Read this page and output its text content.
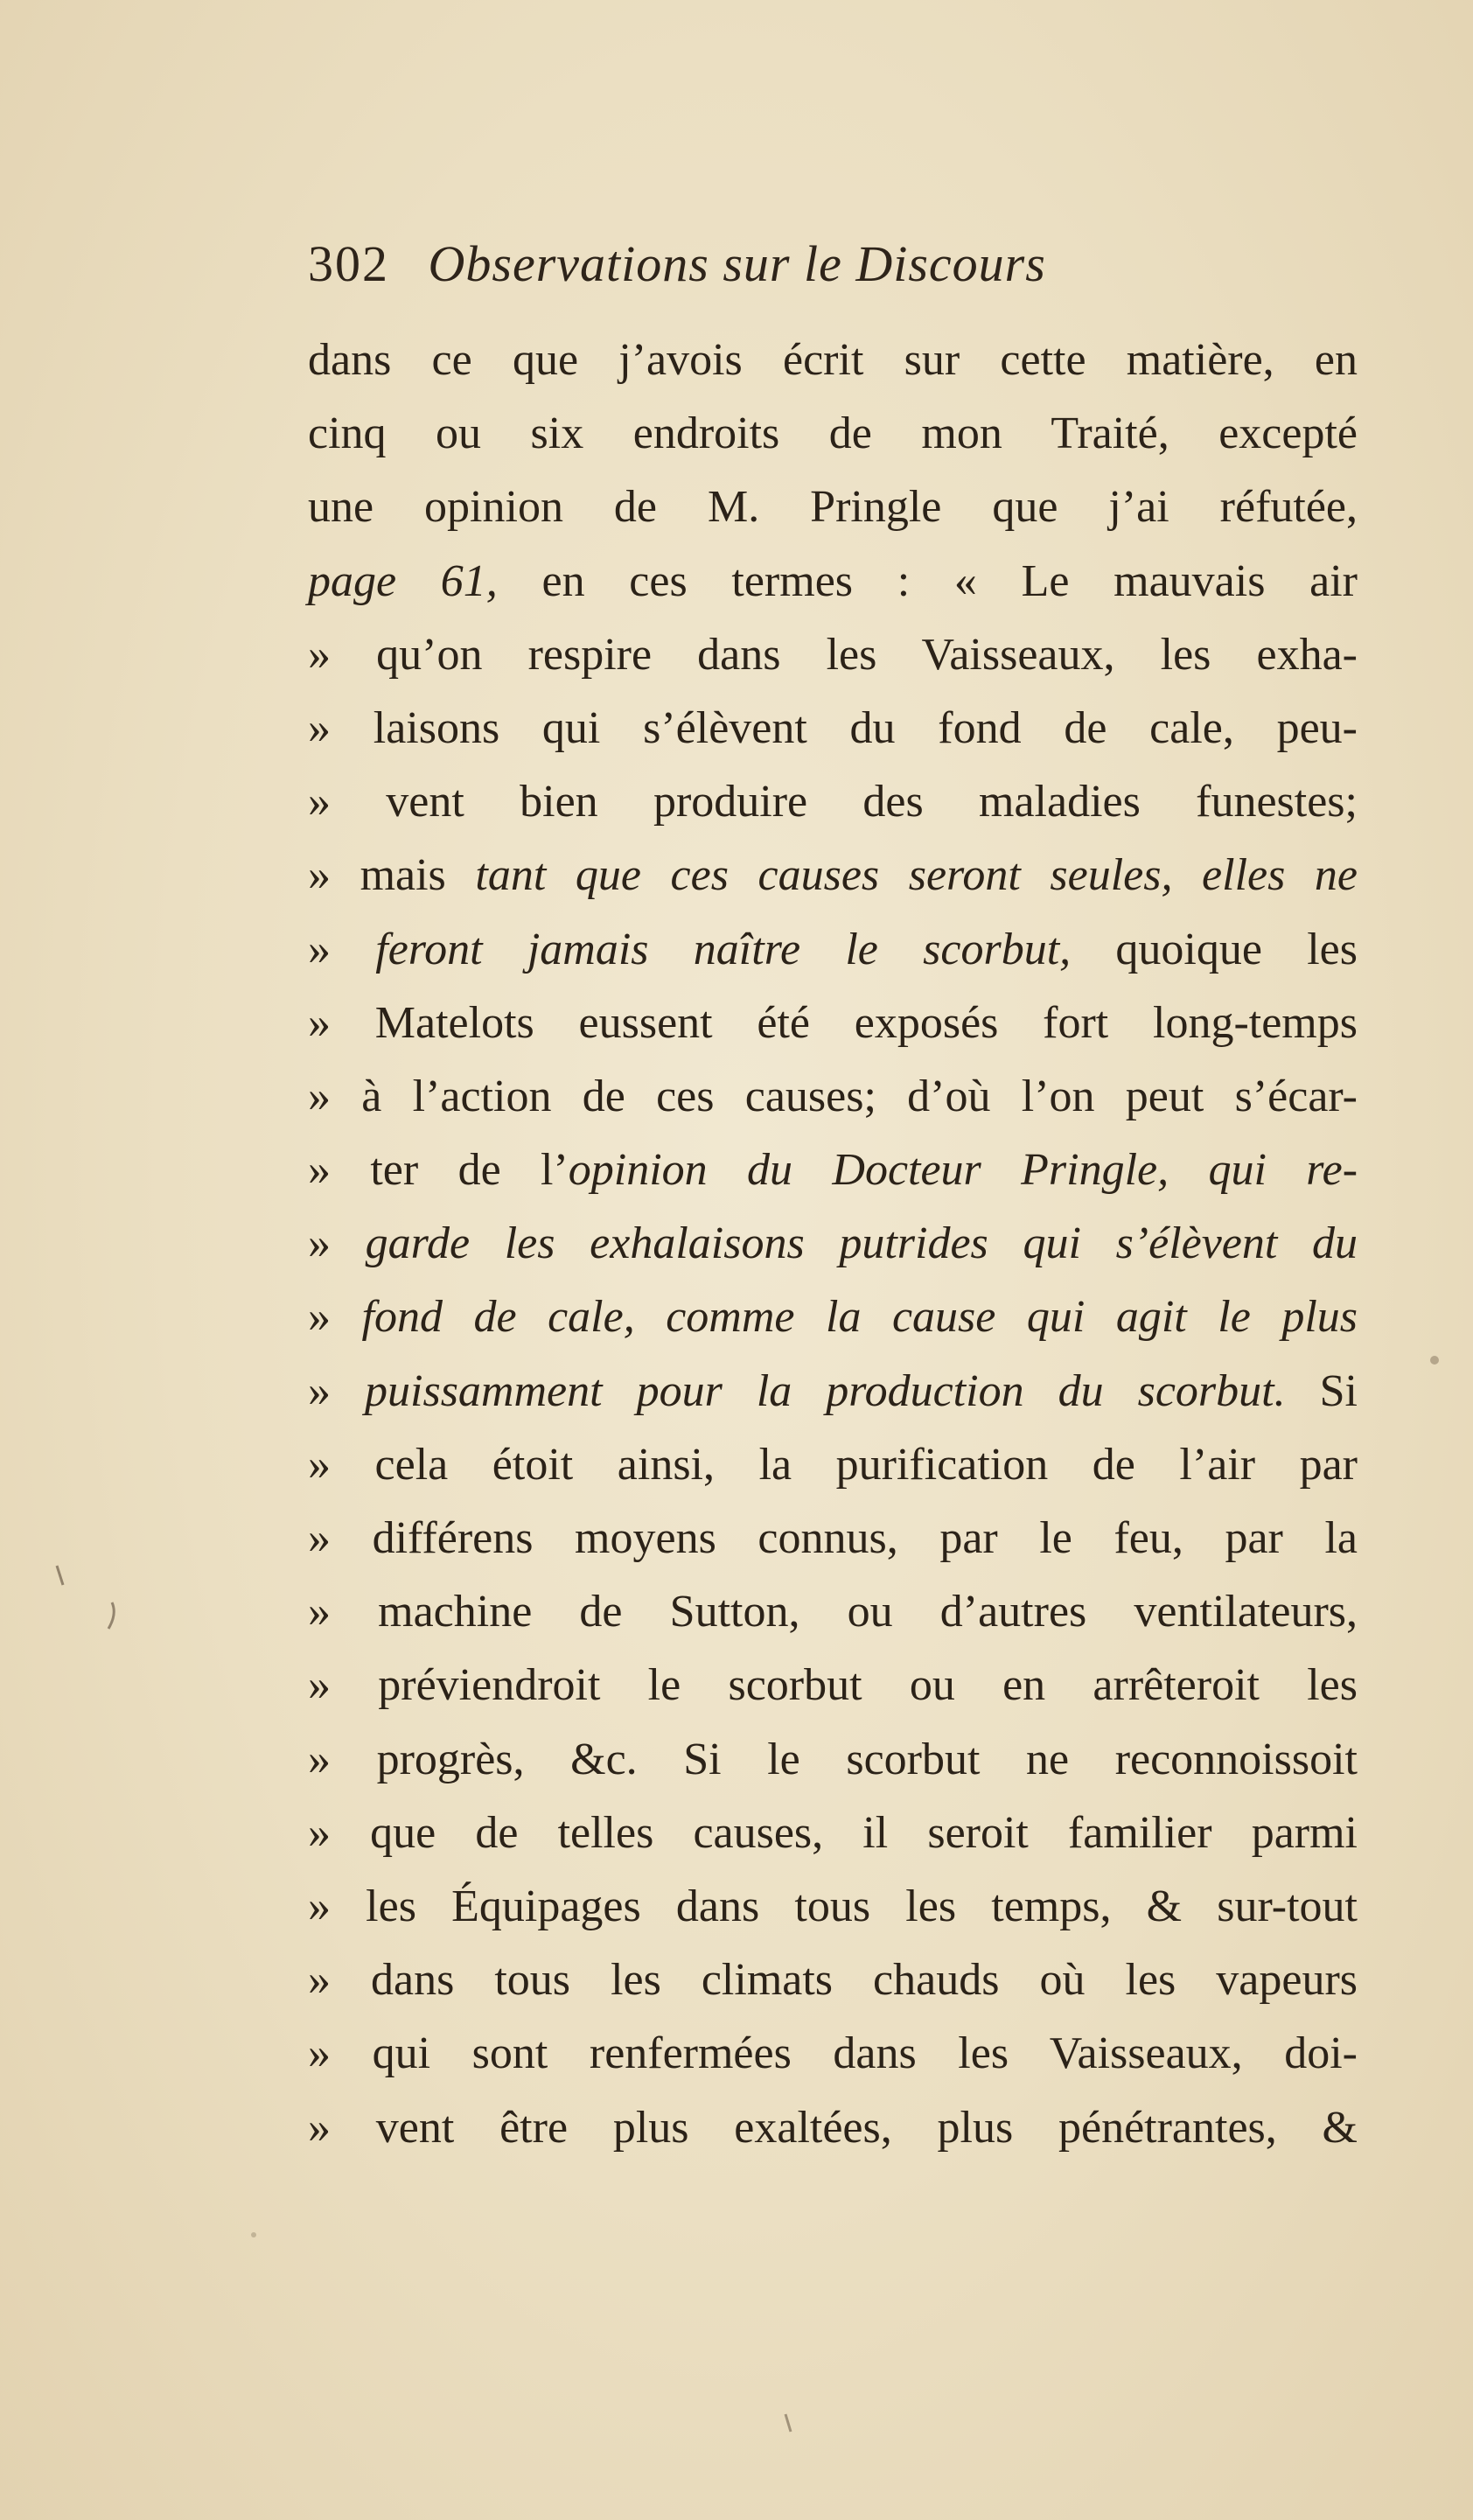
302 Observations sur le Discours
dans ce que j’avois écrit sur cette matière, en
cinq ou six endroits de mon Traité, excepté
une opinion de M. Pringle que j’ai réfutée,
page 61, en ces termes : « Le mauvais air
» qu’on respire dans les Vaisseaux, les exha-
» laisons qui s’élèvent du fond de cale, peu-
» vent bien produire des maladies funestes;
» mais tant que ces causes seront seules, elles ne
» feront jamais naître le scorbut, quoique les
» Matelots eussent été exposés fort long-temps
» à l’action de ces causes; d’où l’on peut s’écar-
» ter de l’opinion du Docteur Pringle, qui re-
» garde les exhalaisons putrides qui s’élèvent du
» fond de cale, comme la cause qui agit le plus
» puissamment pour la production du scorbut. Si
» cela étoit ainsi, la purification de l’air par
» différens moyens connus, par le feu, par la
» machine de Sutton, ou d’autres ventilateurs,
» préviendroit le scorbut ou en arrêteroit les
» progrès, &c. Si le scorbut ne reconnoissoit
» que de telles causes, il seroit familier parmi
» les Équipages dans tous les temps, & sur-tout
» dans tous les climats chauds où les vapeurs
» qui sont renfermées dans les Vaisseaux, doi-
» vent être plus exaltées, plus pénétrantes, &
